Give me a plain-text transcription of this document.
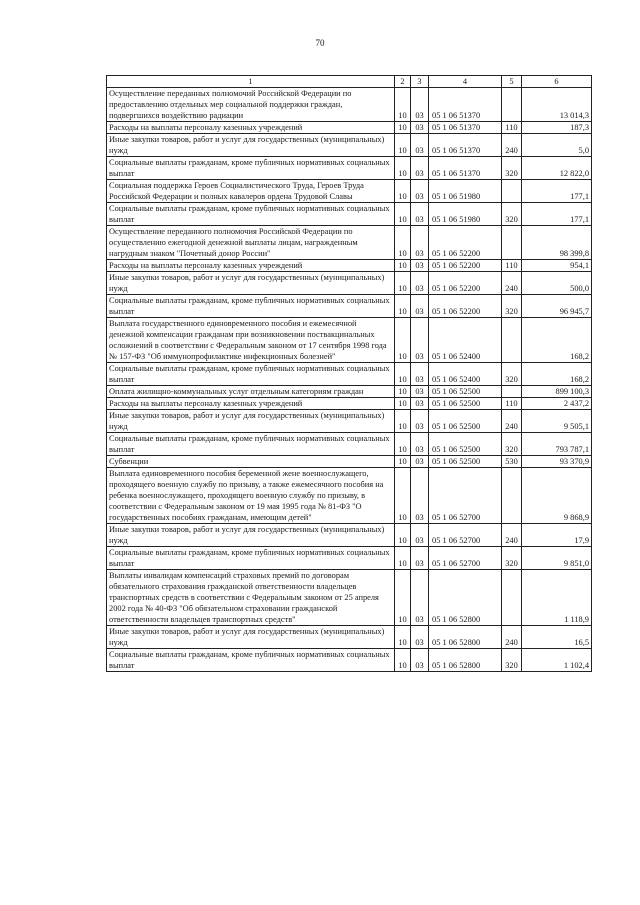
70
1	2	3	4	5	6
Осуществление переданных полномочий Российской Федерации по предоставлению отдельных мер социальной поддержки граждан, подвергшихся воздействию радиации	10	03	05 1 06 51370		13 014,3
Расходы на выплаты персоналу казенных учреждений	10	03	05 1 06 51370	110	187,3
Иные закупки товаров, работ и услуг для государственных (муниципальных) нужд	10	03	05 1 06 51370	240	5,0
Социальные выплаты гражданам, кроме публичных нормативных социальных выплат	10	03	05 1 06 51370	320	12 822,0
Социальная поддержка Героев Социалистического Труда, Героев Труда Российской Федерации и полных кавалеров ордена Трудовой Славы	10	03	05 1 06 51980		177,1
Социальные выплаты гражданам, кроме публичных нормативных социальных выплат	10	03	05 1 06 51980	320	177,1
Осуществление переданного полномочия Российской Федерации по осуществлению ежегодной денежной выплаты лицам, награжденным нагрудным знаком "Почетный донор России"	10	03	05 1 06 52200		98 399,8
Расходы на выплаты персоналу казенных учреждений	10	03	05 1 06 52200	110	954,1
Иные закупки товаров, работ и услуг для государственных (муниципальных) нужд	10	03	05 1 06 52200	240	500,0
Социальные выплаты гражданам, кроме публичных нормативных социальных выплат	10	03	05 1 06 52200	320	96 945,7
Выплата государственного единовременного пособия и ежемесячной денежной компенсации гражданам при возникновении поствакцинальных осложнений в соответствии с Федеральным законом от 17 сентября 1998 года № 157-ФЗ "Об иммунопрофилактике инфекционных болезней"	10	03	05 1 06 52400		168,2
Социальные выплаты гражданам, кроме публичных нормативных социальных выплат	10	03	05 1 06 52400	320	168,2
Оплата жилищно-коммунальных услуг отдельным категориям граждан	10	03	05 1 06 52500		899 100,3
Расходы на выплаты персоналу казенных учреждений	10	03	05 1 06 52500	110	2 437,2
Иные закупки товаров, работ и услуг для государственных (муниципальных) нужд	10	03	05 1 06 52500	240	9 505,1
Социальные выплаты гражданам, кроме публичных нормативных социальных выплат	10	03	05 1 06 52500	320	793 787,1
Субвенции	10	03	05 1 06 52500	530	93 370,9
Выплата единовременного пособия беременной жене военнослужащего, проходящего военную службу по призыву, а также ежемесячного пособия на ребенка военнослужащего, проходящего военную службу по призыву, в соответствии с Федеральным законом от 19 мая 1995 года № 81-ФЗ "О государственных пособиях гражданам, имеющим детей"	10	03	05 1 06 52700		9 868,9
Иные закупки товаров, работ и услуг для государственных (муниципальных) нужд	10	03	05 1 06 52700	240	17,9
Социальные выплаты гражданам, кроме публичных нормативных социальных выплат	10	03	05 1 06 52700	320	9 851,0
Выплаты инвалидам компенсаций страховых премий по договорам обязательного страхования гражданской ответственности владельцев транспортных средств в соответствии с Федеральным законом от 25 апреля 2002 года № 40-ФЗ "Об обязательном страховании гражданской ответственности владельцев транспортных средств"	10	03	05 1 06 52800		1 118,9
Иные закупки товаров, работ и услуг для государственных (муниципальных) нужд	10	03	05 1 06 52800	240	16,5
Социальные выплаты гражданам, кроме публичных нормативных социальных выплат	10	03	05 1 06 52800	320	1 102,4
